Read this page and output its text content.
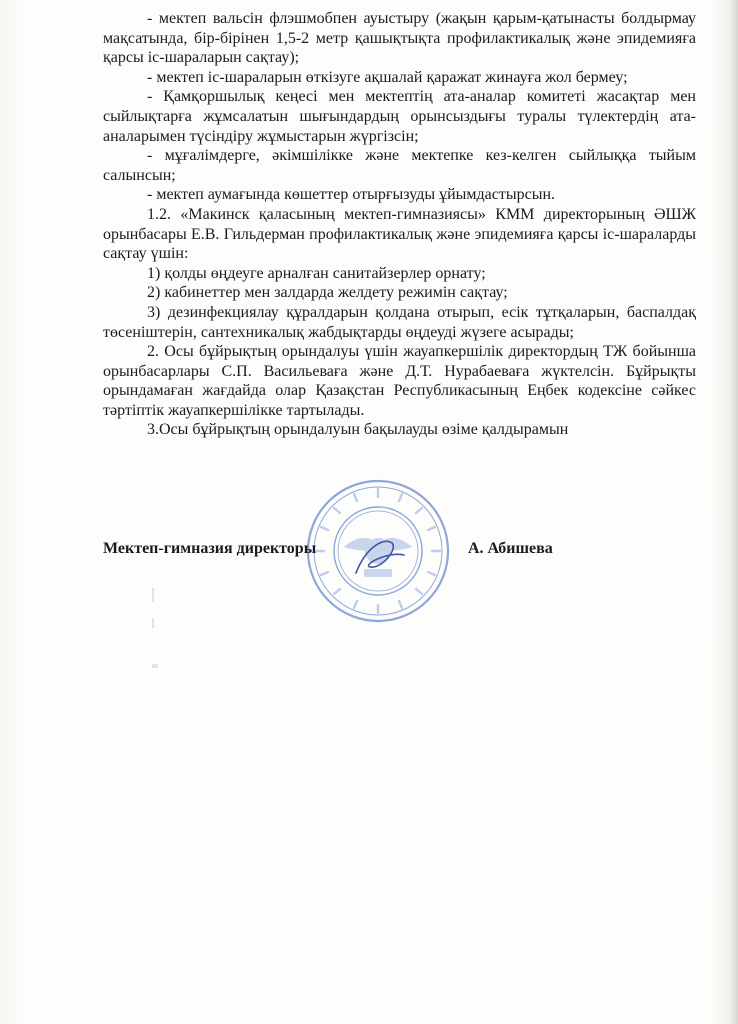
- мектеп вальсін флэшмобпен ауыстыру (жақын қарым-қатынасты болдырмау мақсатында, бір-бірінен 1,5-2 метр қашықтықта профилактикалық және эпидемияға қарсы іс-шараларын сақтау);

- мектеп іс-шараларын өткізуге ақшалай қаражат жинауға жол бермеу;

- Қамқоршылық кеңесі мен мектептің ата-аналар комитеті жасақтар мен сыйлықтарға жұмсалатын шығындардың орынсыздығы туралы түлектердің ата-аналарымен түсіндіру жұмыстарын жүргізсін;

- мұғалімдерге, әкімшілікке және мектепке кез-келген сыйлыққа тыйым салынсын;

- мектеп аумағында көшеттер отырғызуды ұйымдастырсын.

1.2. «Макинск қаласының мектеп-гимназиясы» КММ директорының ӘШЖ орынбасары Е.В. Гильдерман профилактикалық және эпидемияға қарсы іс-шараларды сақтау үшін:

1) қолды өңдеуге арналған санитайзерлер орнату;

2) кабинеттер мен залдарда желдету режимін сақтау;

3) дезинфекциялау құралдарын қолдана отырып, есік тұтқаларын, баспалдақ төсеніштерін, сантехникалық жабдықтарды өңдеуді жүзеге асырады;

2. Осы бұйрықтың орындалуы үшін жауапкершілік директордың ТЖ бойынша орынбасарлары С.П. Васильеваға және Д.Т. Нурабаеваға жүктелсін. Бұйрықты орындамаған жағдайда олар Қазақстан Республикасының Еңбек кодексіне сәйкес тәртіптік жауапкершілікке тартылады.

3.Осы бұйрықтың орындалуын бақылауды өзіме қалдырамын

Мектеп-гимназия директоры	А. Абишева
